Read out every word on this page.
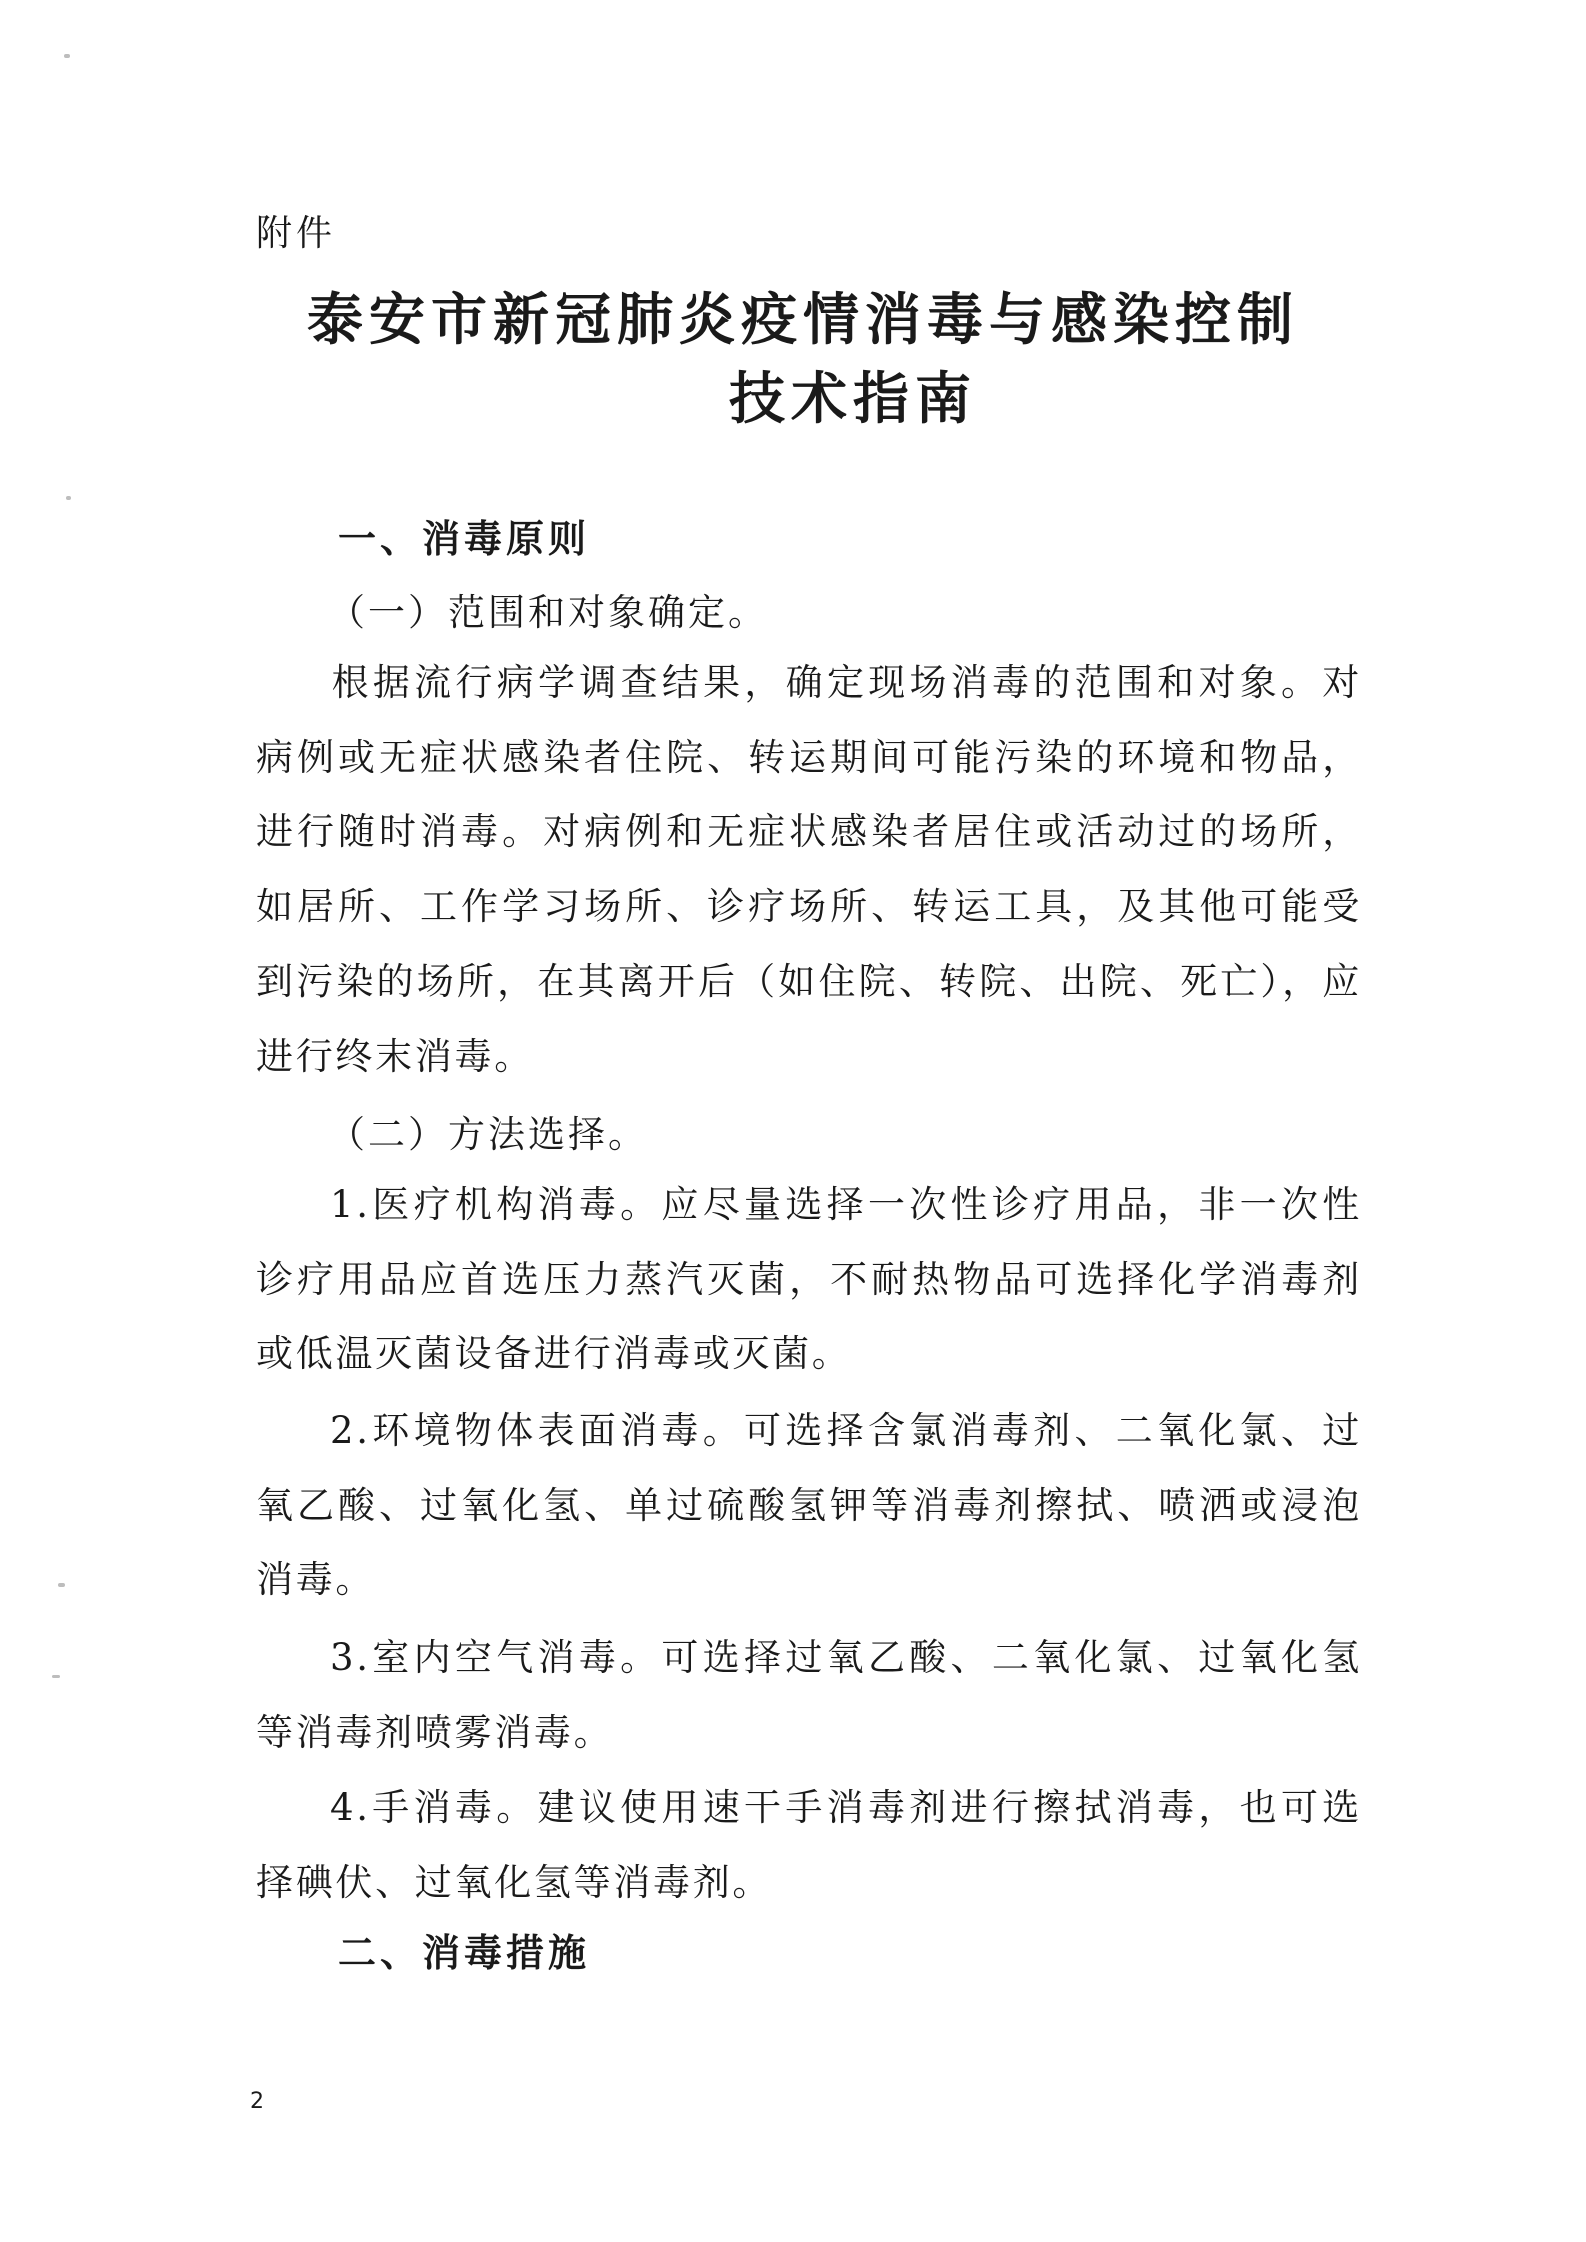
附件
泰安市新冠肺炎疫情消毒与感染控制
技术指南
一、消毒原则
（一）范围和对象确定。

根据流行病学调查结果，确定现场消毒的范围和对象。对病例或无症状感染者住院、转运期间可能污染的环境和物品，进行随时消毒。对病例和无症状感染者居住或活动过的场所，如居所、工作学习场所、诊疗场所、转运工具，及其他可能受到污染的场所，在其离开后（如住院、转院、出院、死亡），应进行终末消毒。

（二）方法选择。

1.医疗机构消毒。应尽量选择一次性诊疗用品，非一次性诊疗用品应首选压力蒸汽灭菌，不耐热物品可选择化学消毒剂或低温灭菌设备进行消毒或灭菌。

2.环境物体表面消毒。可选择含氯消毒剂、二氧化氯、过氧乙酸、过氧化氢、单过硫酸氢钾等消毒剂擦拭、喷洒或浸泡消毒。

3.室内空气消毒。可选择过氧乙酸、二氧化氯、过氧化氢等消毒剂喷雾消毒。

4.手消毒。建议使用速干手消毒剂进行擦拭消毒，也可选择碘伏、过氧化氢等消毒剂。

二、消毒措施
2
